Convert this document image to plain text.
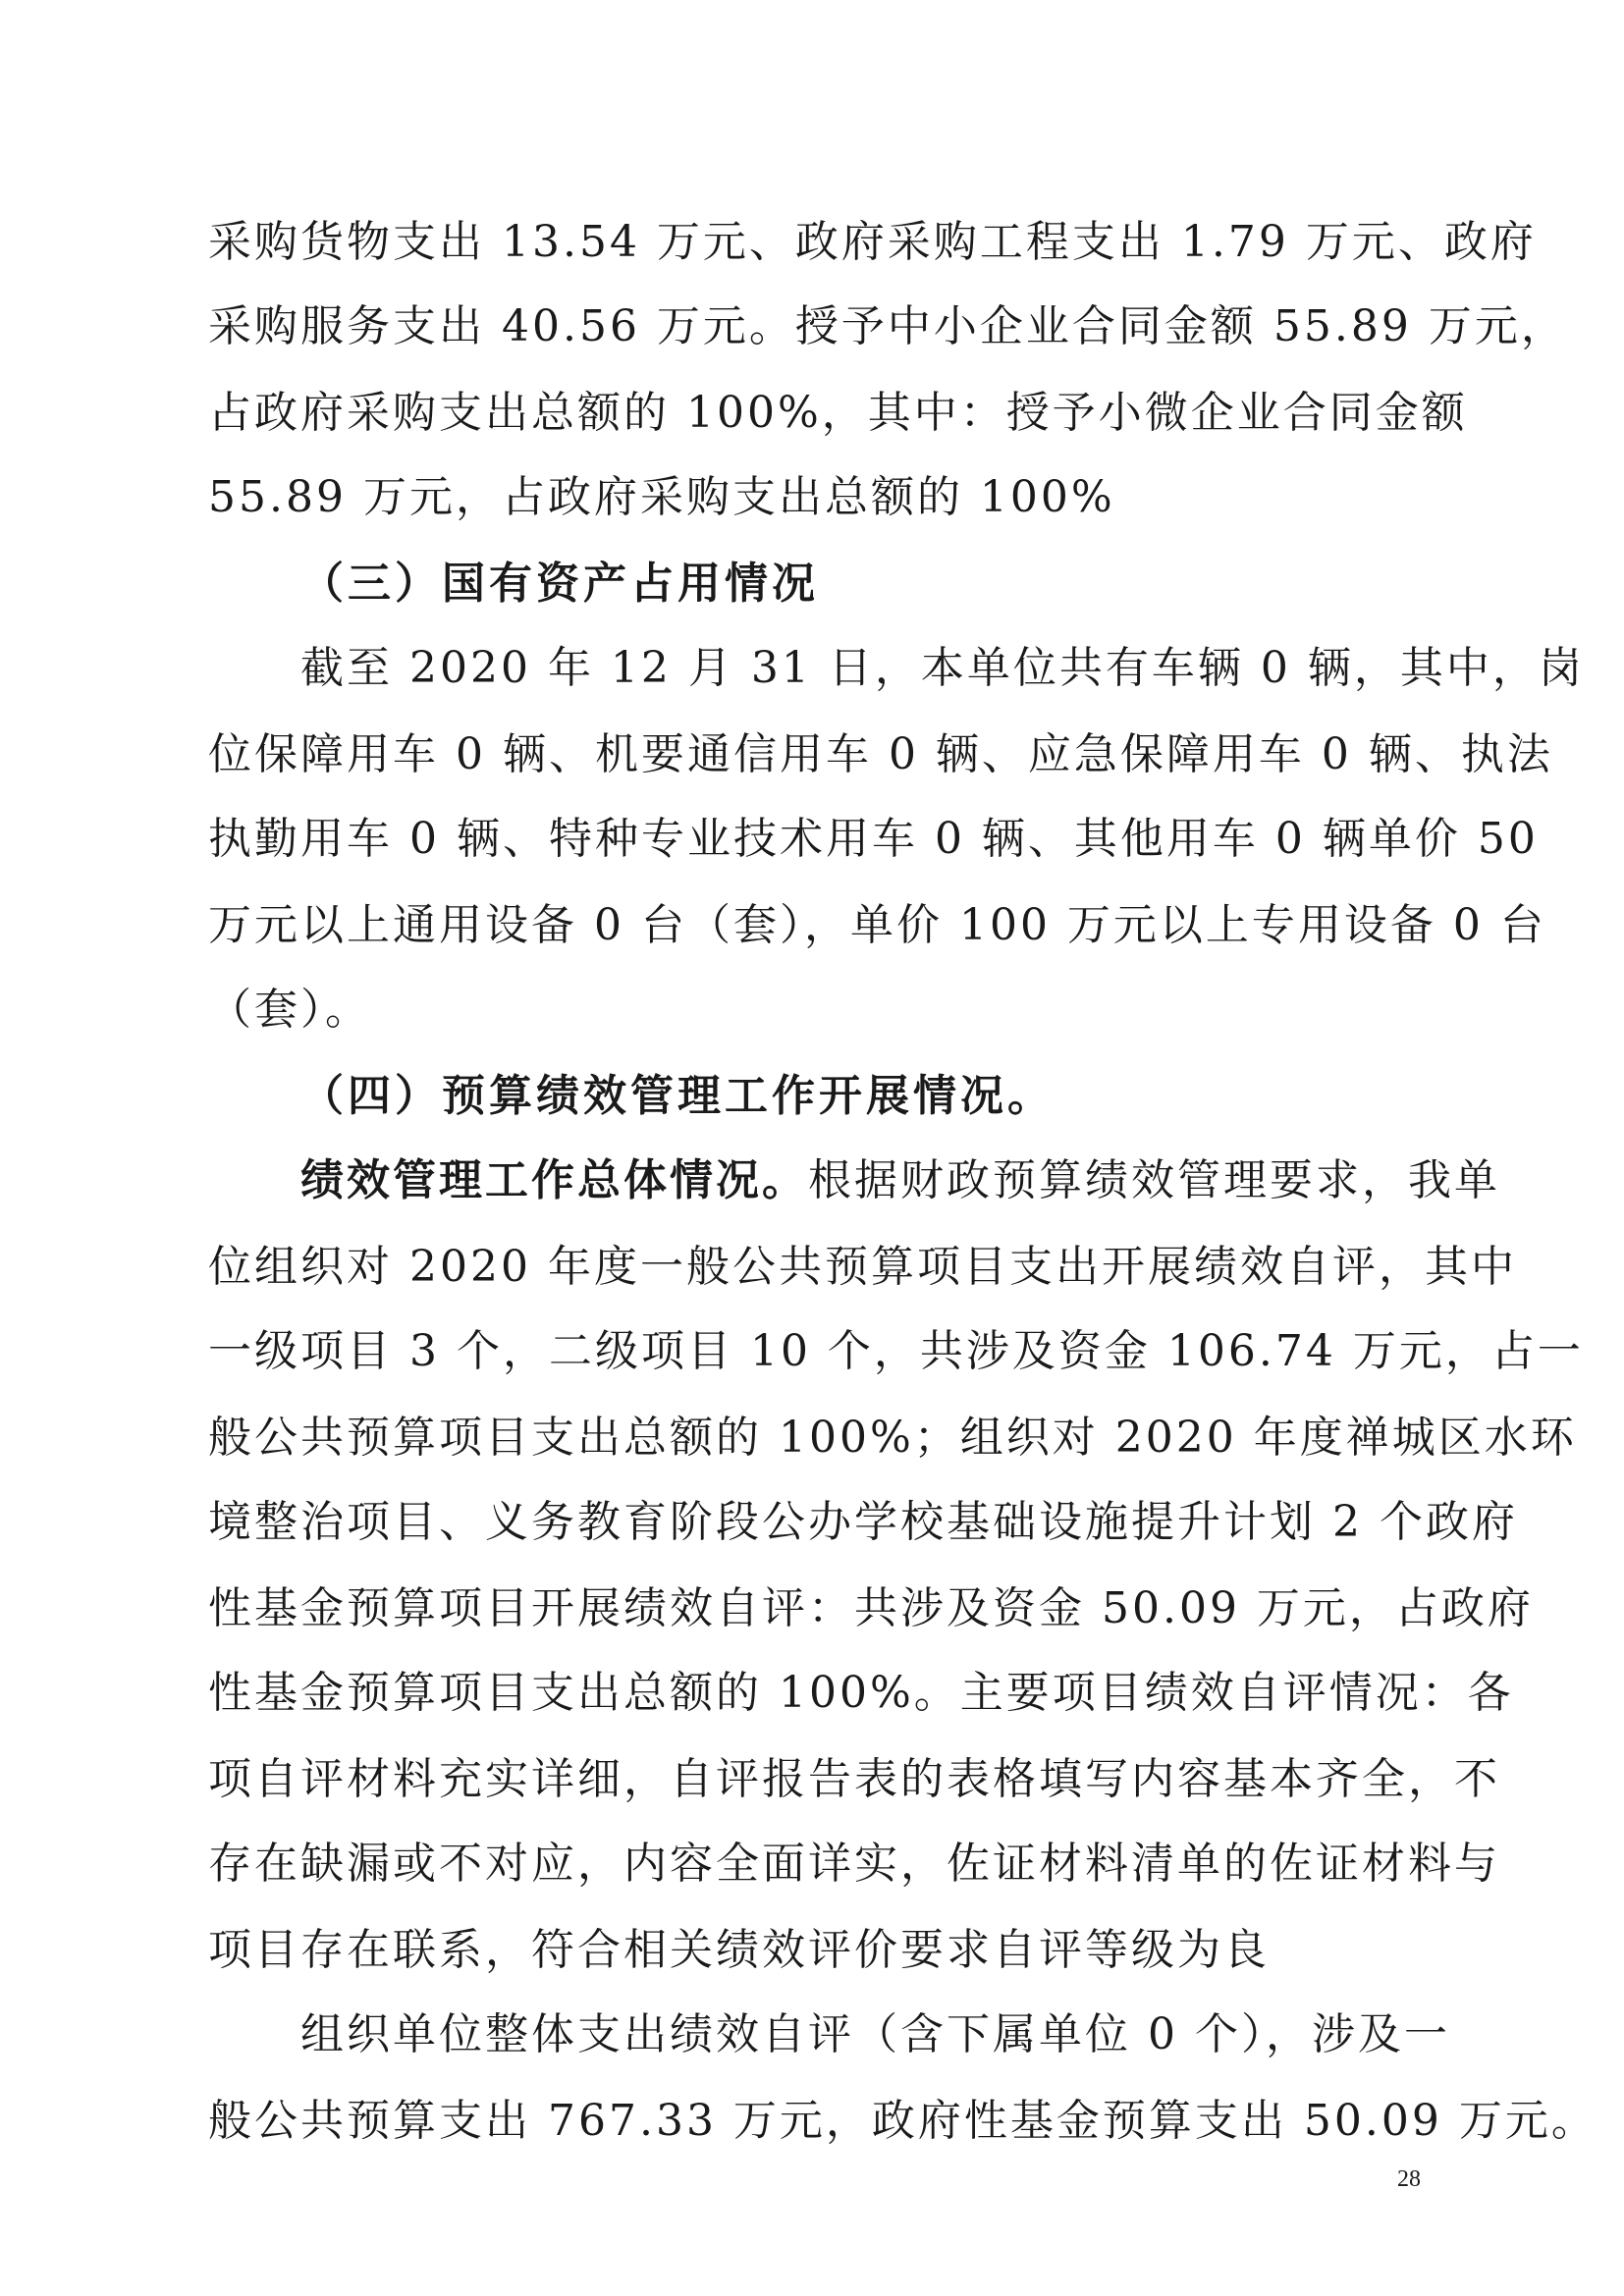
采购货物支出 13.54 万元、政府采购工程支出 1.79 万元、政府
采购服务支出 40.56 万元。授予中小企业合同金额 55.89 万元，
占政府采购支出总额的 100%，其中：授予小微企业合同金额
55.89 万元，占政府采购支出总额的 100%
（三）国有资产占用情况
截至 2020 年 12 月 31 日，本单位共有车辆 0 辆，其中，岗
位保障用车 0 辆、机要通信用车 0 辆、应急保障用车 0 辆、执法
执勤用车 0 辆、特种专业技术用车 0 辆、其他用车 0 辆单价 50
万元以上通用设备 0 台（套），单价 100 万元以上专用设备 0 台
（套）。
（四）预算绩效管理工作开展情况。
绩效管理工作总体情况。根据财政预算绩效管理要求，我单
位组织对 2020 年度一般公共预算项目支出开展绩效自评，其中
一级项目 3 个，二级项目 10 个，共涉及资金 106.74 万元，占一
般公共预算项目支出总额的 100%；组织对 2020 年度禅城区水环
境整治项目、义务教育阶段公办学校基础设施提升计划 2 个政府
性基金预算项目开展绩效自评：共涉及资金 50.09 万元，占政府
性基金预算项目支出总额的 100%。主要项目绩效自评情况：各
项自评材料充实详细，自评报告表的表格填写内容基本齐全，不
存在缺漏或不对应，内容全面详实，佐证材料清单的佐证材料与
项目存在联系，符合相关绩效评价要求自评等级为良
组织单位整体支出绩效自评（含下属单位 0 个），涉及一
般公共预算支出 767.33 万元，政府性基金预算支出 50.09 万元。
28
